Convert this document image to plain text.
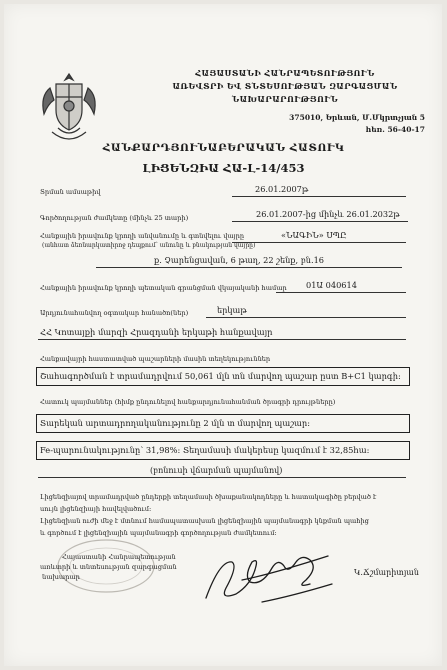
ՀԱՅԱՍՏԱՆԻ ՀԱՆՐԱՊԵՏՈՒԹՅՈՒՆ
ԱՌԵՎՏՐԻ ԵՎ ՏՆՏԵՍՈՒԹՅԱՆ ԶԱՐԳԱՑՄԱՆ
ՆԱԽԱՐԱՐՈՒԹՅՈՒՆ
375010, Երևան, Մ.Մկրտչյան 5
հեռ. 56-40-17
ՀԱՆՔԱՐԴՅՈՒՆԱԲԵՐԱԿԱՆ ՀԱՏՈՒԿ
ԼԻՑԵՆԶԻԱ ՀԱ-Լ-14/453
Տրման ամսաթիվ	26.01.2007թ
Գործողության ժամկետը (մինչև 25 տարի)	26.01.2007-ից մինչև 26.01.2032թ
Հանքային իրավունք կրողի անվանումը և գտնվելու վայրը
(անհատ ձեռնարկատիրոջ դեպքում՝ անունը և բնակության վայրը)
«ՆԱԳԻՆ» ՍՊԸ
ք. Չարենցավան, 6 թաղ, 22 շենք, բն.16
Հանքային իրավունք կրողի պետական գրանցման վկայականի համար 01Ա 040614
Արդյունահանվող օգտակար հանածո(ներ)	երկաթ
ՀՀ Կոտայքի մարզի Հրազդանի երկաթի հանքավայր
Հանքավայրի հաստատված պաշարների մասին տեղեկություններ
Շահագործման է տրամադրվում 50,061 մլն տն մարվող պաշար ըստ B+C1 կարգի:
Հատուկ պայմաններ (հիմք ընդունելով հանքարդյունահանման ծրագրի դրույթները)
Տարեկան արտադրողականությունը 2 մլն տ մարվող պաշար:
Fe-պարունակությունը՝ 31,98%: Տեղամասի մակերեսը կազմում է 32,85հա:
(բոնուսի վճարման պայմանով)
Լիցենզիայով տրամադրված ընդերքի տեղամասի ծխաքանակոդները և հատակագիծը բերված է
սույն լիցենզիայի հավելվածում:
Լիցենզիան ուժի մեջ է մտնում համապատասխան լիցենզիային պայմանագրի կնքման պահից
և գործում է լիցենզիային պայմանագրի գործողության ժամկետում:
Հայաստանի Հանրապետության
առևտրի և տնտեսության զարգացման
նախարար	Կ.Ճշմարիտյան
